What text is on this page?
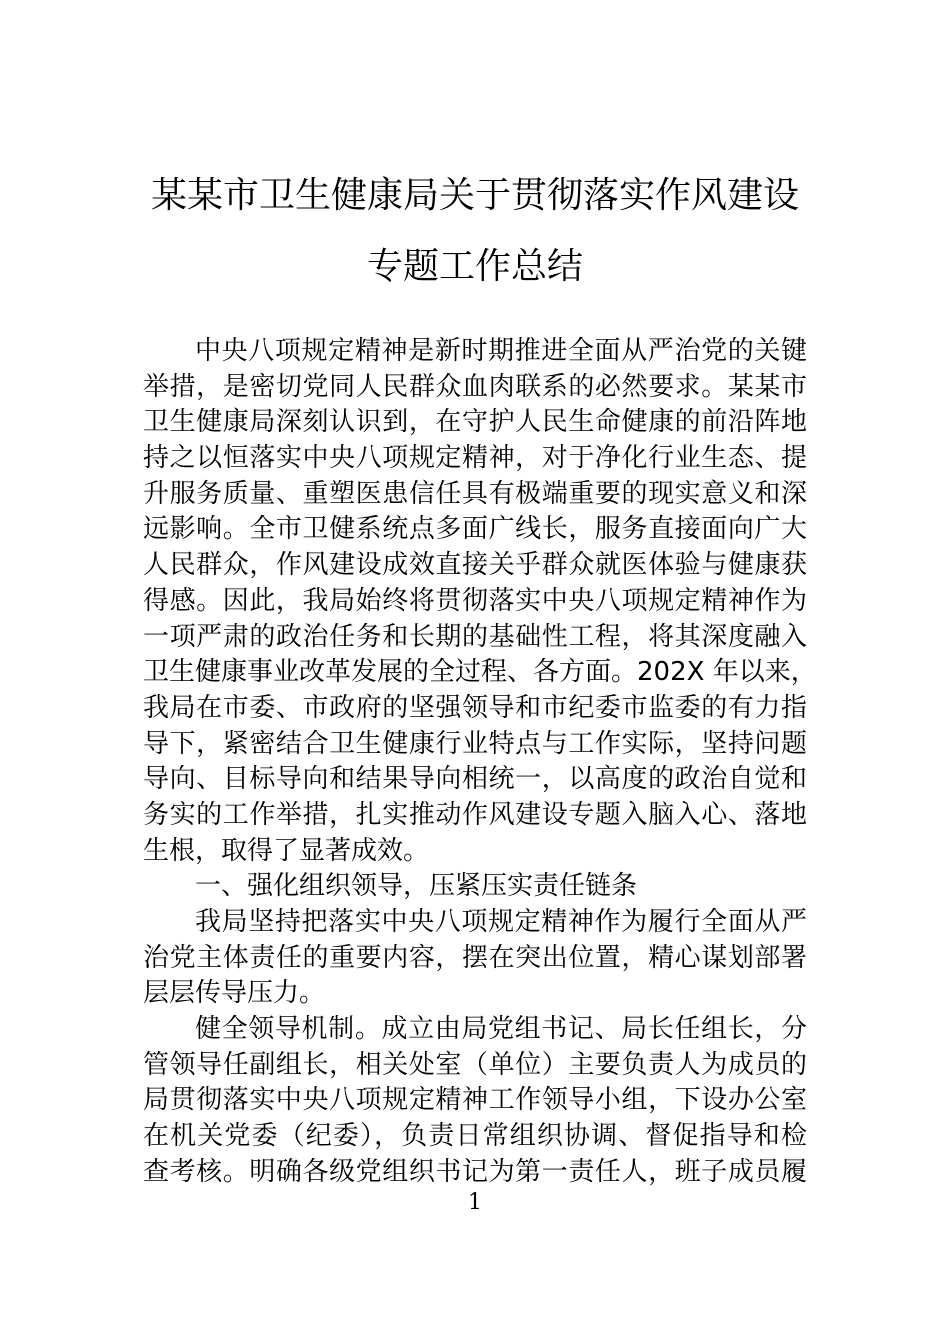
某某市卫生健康局关于贯彻落实作风建设
专题工作总结
中央八项规定精神是新时期推进全面从严治党的关键
举措，是密切党同人民群众血肉联系的必然要求。某某市
卫生健康局深刻认识到，在守护人民生命健康的前沿阵地
持之以恒落实中央八项规定精神，对于净化行业生态、提
升服务质量、重塑医患信任具有极端重要的现实意义和深
远影响。全市卫健系统点多面广线长，服务直接面向广大
人民群众，作风建设成效直接关乎群众就医体验与健康获
得感。因此，我局始终将贯彻落实中央八项规定精神作为
一项严肃的政治任务和长期的基础性工程，将其深度融入
卫生健康事业改革发展的全过程、各方面。202X 年以来，
我局在市委、市政府的坚强领导和市纪委市监委的有力指
导下，紧密结合卫生健康行业特点与工作实际，坚持问题
导向、目标导向和结果导向相统一，以高度的政治自觉和
务实的工作举措，扎实推动作风建设专题入脑入心、落地
生根，取得了显著成效。
一、强化组织领导，压紧压实责任链条
我局坚持把落实中央八项规定精神作为履行全面从严
治党主体责任的重要内容，摆在突出位置，精心谋划部署
层层传导压力。
健全领导机制。成立由局党组书记、局长任组长，分
管领导任副组长，相关处室（单位）主要负责人为成员的
局贯彻落实中央八项规定精神工作领导小组，下设办公室
在机关党委（纪委），负责日常组织协调、督促指导和检
查考核。明确各级党组织书记为第一责任人，班子成员履
1
